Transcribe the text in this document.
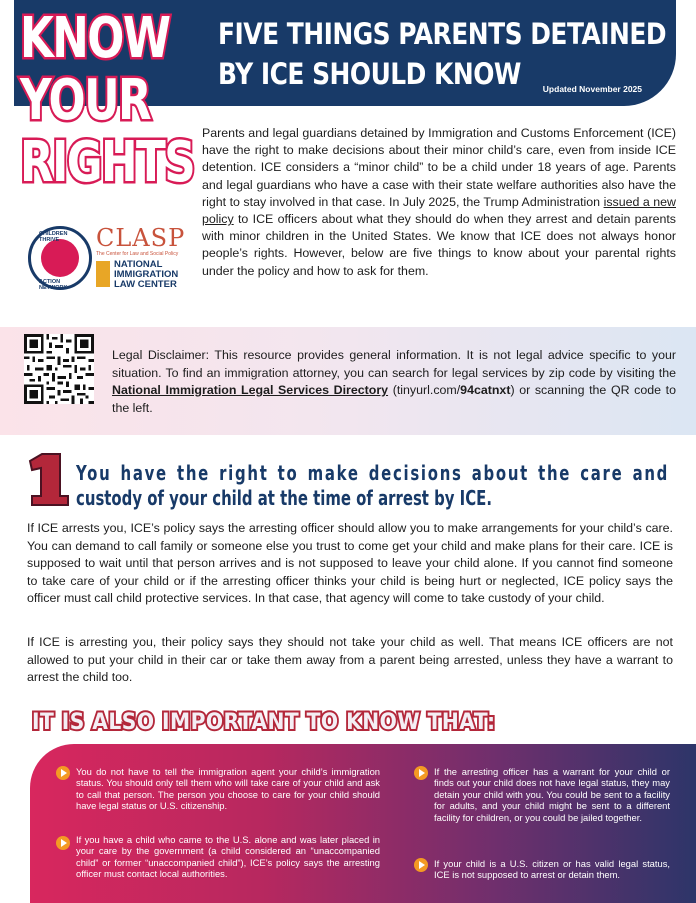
FIVE THINGS PARENTS DETAINED
BY ICE SHOULD KNOW	Updated November 2025
KNOW
YOUR
RIGHTS
CHILDREN THRIVE
ACTION NETWORK
CLASP
The Center for Law and Social Policy
NATIONAL
IMMIGRATION
LAW CENTER
Parents and legal guardians detained by Immigration and Customs Enforcement (ICE) have the right to make decisions about their minor child’s care, even from inside ICE detention. ICE considers a “minor child” to be a child under 18 years of age. Parents and legal guardians who have a case with their state welfare authorities also have the right to stay involved in that case. In July 2025, the Trump Administration issued a new policy to ICE officers about what they should do when they arrest and detain parents with minor children in the United States. We know that ICE does not always honor people’s rights. However, below are five things to know about your parental rights under the policy and how to ask for them.
Legal Disclaimer: This resource provides general information. It is not legal advice specific to your situation. To find an immigration attorney, you can search for legal services by zip code by visiting the National Immigration Legal Services Directory (tinyurl.com/94catnxt) or scanning the QR code to the left.
You have the right to make decisions about the care and
custody of your child at the time of arrest by ICE.
If ICE arrests you, ICE’s policy says the arresting officer should allow you to make arrangements for your child’s care. You can demand to call family or someone else you trust to come get your child and make plans for their care. ICE is supposed to wait until that person arrives and is not supposed to leave your child alone. If you cannot find someone to take care of your child or if the arresting officer thinks your child is being hurt or neglected, ICE policy says the officer must call child protective services. In that case, that agency will come to take custody of your child.
If ICE is arresting you, their policy says they should not take your child as well. That means ICE officers are not allowed to put your child in their car or take them away from a parent being arrested, unless they have a warrant to arrest the child too.
IT IS ALSO IMPORTANT TO KNOW THAT:
You do not have to tell the immigration agent your child’s immigration status. You should only tell them who will take care of your child and ask to call that person. The person you choose to care for your child should have legal status or U.S. citizenship.
If you have a child who came to the U.S. alone and was later placed in your care by the government (a child considered an “unaccompanied child” or former “unaccompanied child”), ICE’s policy says the arresting officer must contact local authorities.
If the arresting officer has a warrant for your child or finds out your child does not have legal status, they may detain your child with you. You could be sent to a facility for adults, and your child might be sent to a different facility for children, or you could be jailed together.
If your child is a U.S. citizen or has valid legal status, ICE is not supposed to arrest or detain them.
